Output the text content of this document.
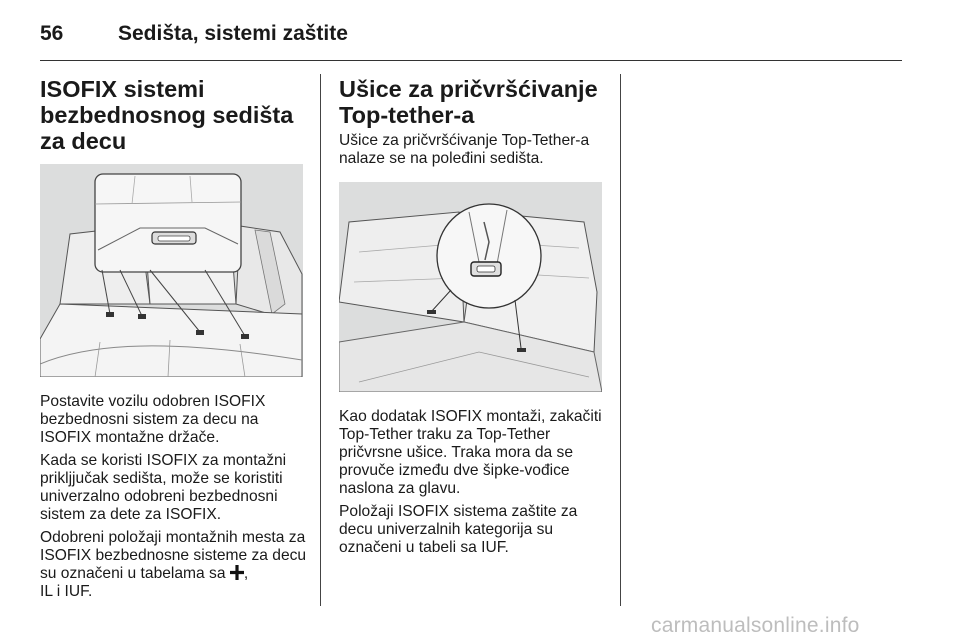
56	Sedišta, sistemi zaštite
ISOFIX sistemi bezbednosnog sedišta za decu

Postavite vozilu odobren ISOFIX bezbednosni sistem za decu na ISOFIX montažne držače.

Kada se koristi ISOFIX za montažni prikljjučak sedišta, može se koristiti univerzalno odobreni bezbednosni sistem za dete za ISOFIX.

Odobreni položaji montažnih mesta za ISOFIX bezbednosne sisteme za decu su označeni u tabelama sa ,
IL i IUF.

Ušice za pričvršćivanje Top-tether-a

Ušice za pričvršćivanje Top-Tether-a nalaze se na poleđini sedišta.

Kao dodatak ISOFIX montaži, zakačiti Top-Tether traku za Top-Tether pričvrsne ušice. Traka mora da se provuče između dve šipke-vođice naslona za glavu.

Položaji ISOFIX sistema zaštite za decu univerzalnih kategorija su označeni u tabeli sa IUF.

carmanualsonline.info
